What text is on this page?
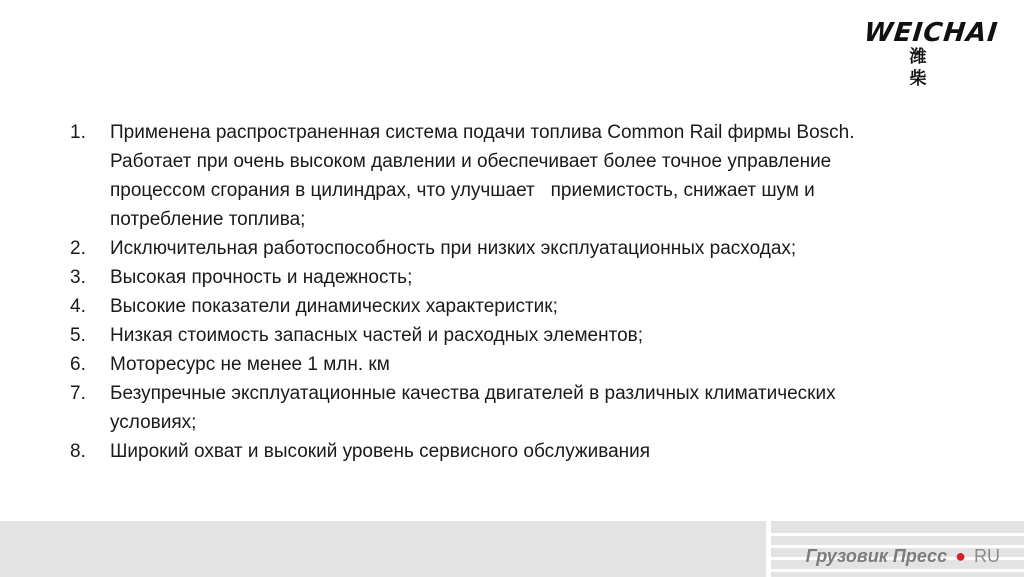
WEICHAI
潍 柴
1.	Применена распространенная система подачи топлива Common Rail фирмы Bosch.
Работает при очень высоком давлении и обеспечивает более точное управление
процессом сгорания в цилиндрах, что улучшает   приемистость, снижает шум и
потребление топлива;
2.	Исключительная работоспособность при низких эксплуатационных расходах;
3.	Высокая прочность и надежность;
4.	Высокие показатели динамических характеристик;
5.	Низкая стоимость запасных частей и расходных элементов;
6.	Моторесурс не менее 1 млн. км
7.	Безупречные эксплуатационные качества двигателей в различных климатических
условиях;
8.	Широкий охват и высокий уровень сервисного обслуживания
Грузовик Пресс ● RU
